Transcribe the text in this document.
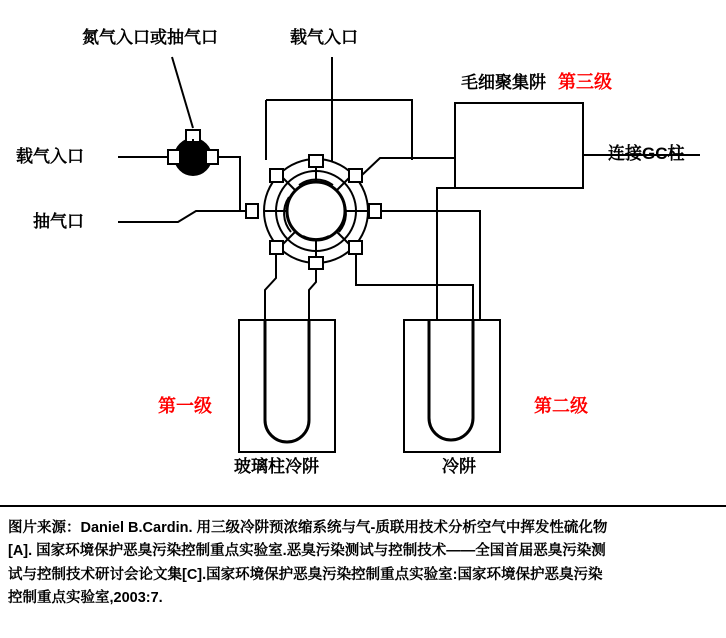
氮气入口或抽气口	载气入口
毛细聚集阱 第三级
载气入口
抽气口
连接GC柱
第一级	第二级
玻璃柱冷阱	冷阱
图片来源：Daniel B.Cardin. 用三级冷阱预浓缩系统与气-质联用技术分析空气中挥发性硫化物
[A]. 国家环境保护恶臭污染控制重点实验室.恶臭污染测试与控制技术——全国首届恶臭污染测
试与控制技术研讨会论文集[C].国家环境保护恶臭污染控制重点实验室:国家环境保护恶臭污染
控制重点实验室,2003:7.
